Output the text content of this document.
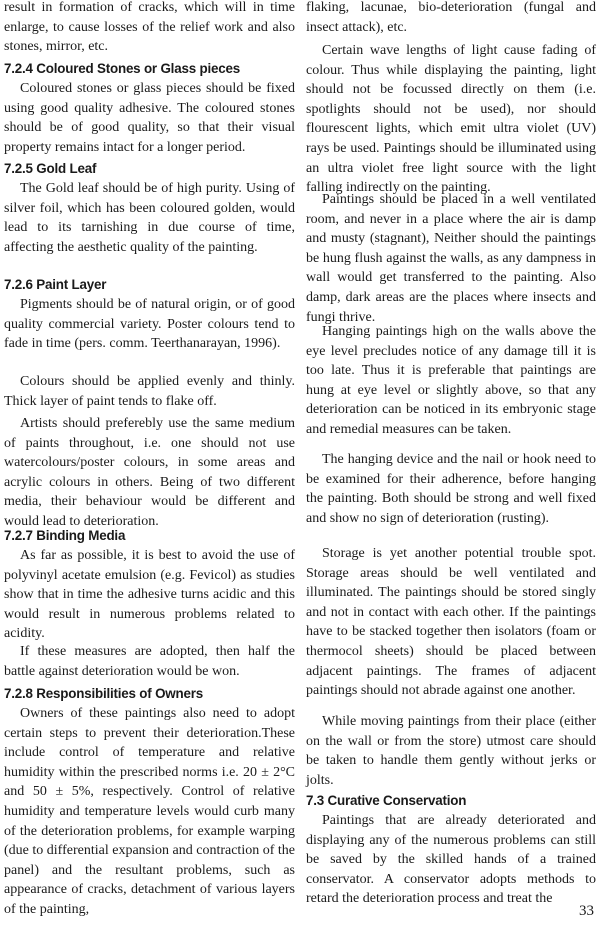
result in formation of cracks, which will in time enlarge, to cause losses of the relief work and also stones, mirror, etc.

7.2.4 Coloured Stones or Glass pieces

Coloured stones or glass pieces should be fixed using good quality adhesive. The coloured stones should be of good quality, so that their visual property remains intact for a longer period.

7.2.5 Gold Leaf

The Gold leaf should be of high purity. Using of silver foil, which has been coloured golden, would lead to its tarnishing in due course of time, affecting the aesthetic quality of the painting.

7.2.6 Paint Layer

Pigments should be of natural origin, or of good quality commercial variety. Poster colours tend to fade in time (pers. comm. Teerthanarayan, 1996).

Colours should be applied evenly and thinly. Thick layer of paint tends to flake off.

Artists should preferebly use the same medium of paints throughout, i.e. one should not use watercolours/poster colours, in some areas and acrylic colours in others. Being of two different media, their behaviour would be different and would lead to deterioration.

7.2.7 Binding Media

As far as possible, it is best to avoid the use of polyvinyl acetate emulsion (e.g. Fevicol) as studies show that in time the adhesive turns acidic and this would result in numerous problems related to acidity.

If these measures are adopted, then half the battle against deterioration would be won.

7.2.8 Responsibilities of Owners

Owners of these paintings also need to adopt certain steps to prevent their deterioration.These include control of temperature and relative humidity within the prescribed norms i.e. 20 ± 2°C and 50 ± 5%, respectively. Control of relative humidity and temperature levels would curb many of the deterioration problems, for example warping (due to differential expansion and contraction of the panel) and the resultant problems, such as appearance of cracks, detachment of various layers of the painting,

flaking, lacunae, bio-deterioration (fungal and insect attack), etc.

Certain wave lengths of light cause fading of colour. Thus while displaying the painting, light should not be focussed directly on them (i.e. spotlights should not be used), nor should flourescent lights, which emit ultra violet (UV) rays be used. Paintings should be illuminated using an ultra violet free light source with the light falling indirectly on the painting.

Paintings should be placed in a well ventilated room, and never in a place where the air is damp and musty (stagnant), Neither should the paintings be hung flush against the walls, as any dampness in wall would get transferred to the painting. Also damp, dark areas are the places where insects and fungi thrive.

Hanging paintings high on the walls above the eye level precludes notice of any damage till it is too late. Thus it is preferable that paintings are hung at eye level or slightly above, so that any deterioration can be noticed in its embryonic stage and remedial measures can be taken.

The hanging device and the nail or hook need to be examined for their adherence, before hanging the painting. Both should be strong and well fixed and show no sign of deterioration (rusting).

Storage is yet another potential trouble spot. Storage areas should be well ventilated and illuminated. The paintings should be stored singly and not in contact with each other. If the paintings have to be stacked together then isolators (foam or thermocol sheets) should be placed between adjacent paintings. The frames of adjacent paintings should not abrade against one another.

While moving paintings from their place (either on the wall or from the store) utmost care should be taken to handle them gently without jerks or jolts.

7.3 Curative Conservation

Paintings that are already deteriorated and displaying any of the numerous problems can still be saved by the skilled hands of a trained conservator. A conservator adopts methods to retard the deterioration process and treat the

33
